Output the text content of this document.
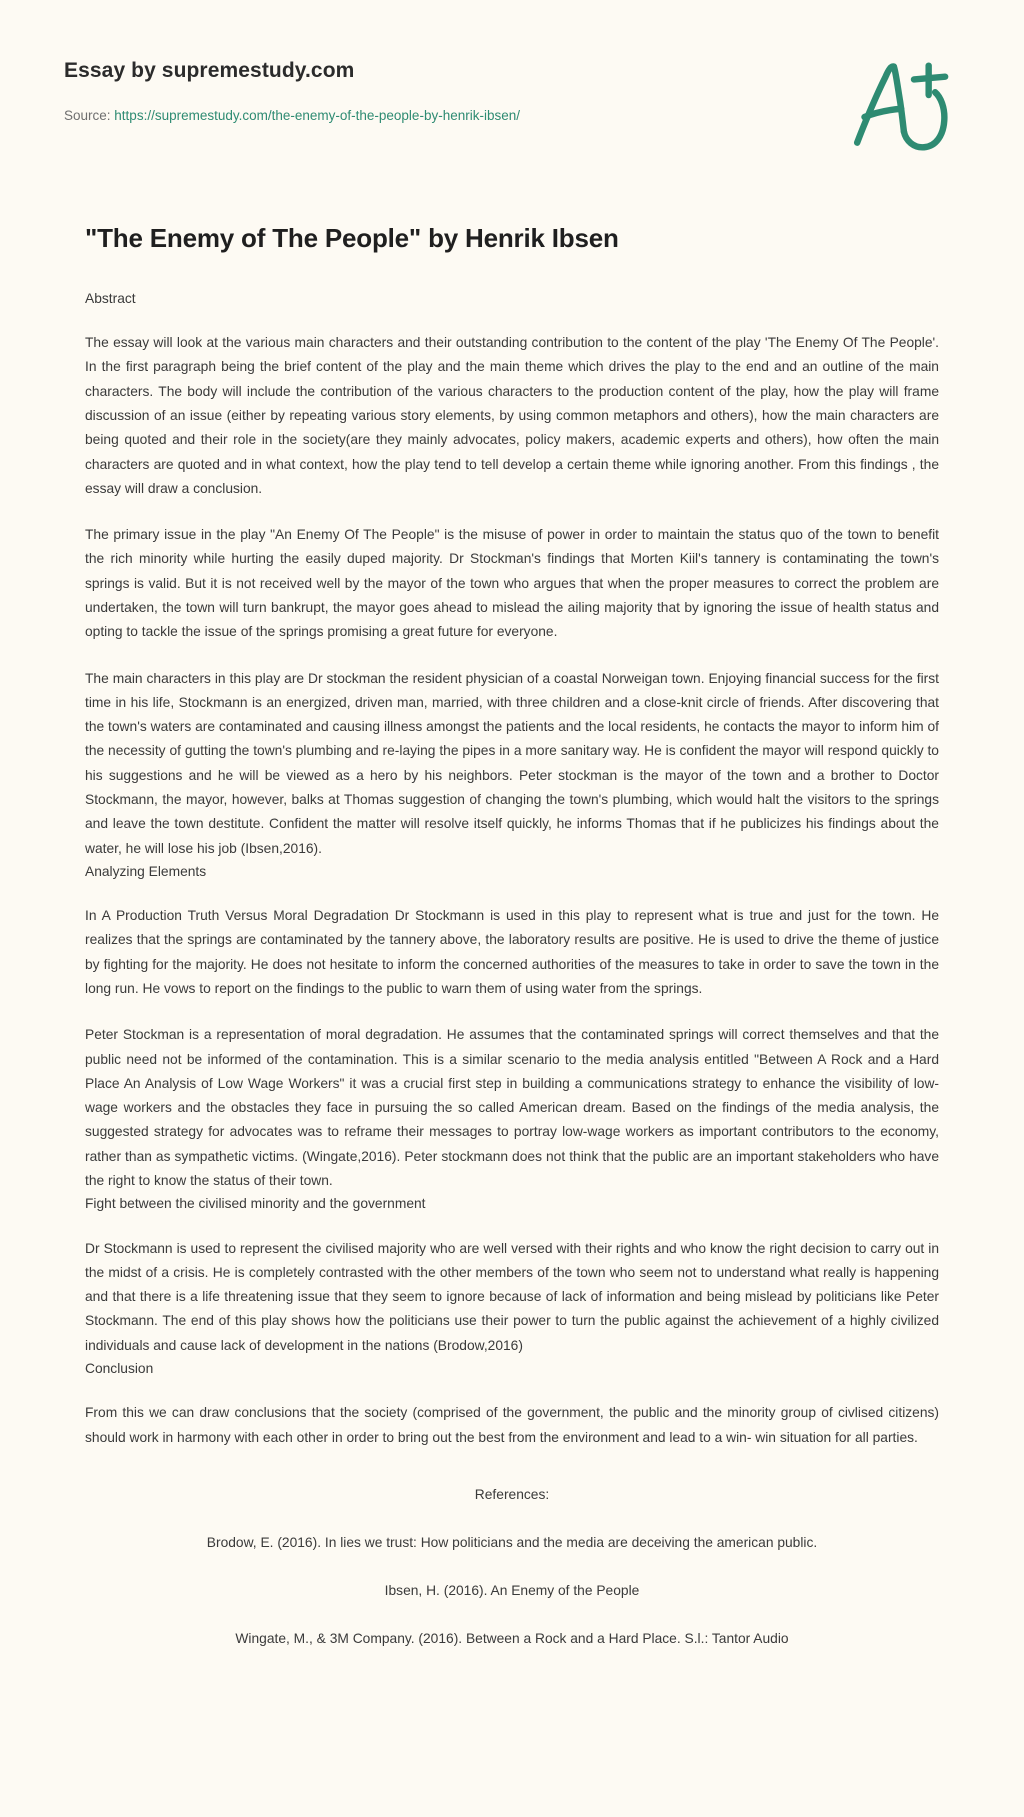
Essay by supremestudy.com
Source: https://supremestudy.com/the-enemy-of-the-people-by-henrik-ibsen/
"The Enemy of The People" by Henrik Ibsen

Abstract

The essay will look at the various main characters and their outstanding contribution to the content of the play 'The Enemy Of The People'. In the first paragraph being the brief content of the play and the main theme which drives the play to the end and an outline of the main characters. The body will include the contribution of the various characters to the production content of the play, how the play will frame discussion of an issue (either by repeating various story elements, by using common metaphors and others), how the main characters are being quoted and their role in the society(are they mainly advocates, policy makers, academic experts and others), how often the main characters are quoted and in what context, how the play tend to tell develop a certain theme while ignoring another. From this findings , the essay will draw a conclusion.

The primary issue in the play "An Enemy Of The People" is the misuse of power in order to maintain the status quo of the town to benefit the rich minority while hurting the easily duped majority. Dr Stockman's findings that Morten Kiil's tannery is contaminating the town's springs is valid. But it is not received well by the mayor of the town who argues that when the proper measures to correct the problem are undertaken, the town will turn bankrupt, the mayor goes ahead to mislead the ailing majority that by ignoring the issue of health status and opting to tackle the issue of the springs promising a great future for everyone.

The main characters in this play are Dr stockman the resident physician of a coastal Norweigan town. Enjoying financial success for the first time in his life, Stockmann is an energized, driven man, married, with three children and a close-knit circle of friends. After discovering that the town's waters are contaminated and causing illness amongst the patients and the local residents, he contacts the mayor to inform him of the necessity of gutting the town's plumbing and re-laying the pipes in a more sanitary way. He is confident the mayor will respond quickly to his suggestions and he will be viewed as a hero by his neighbors. Peter stockman is the mayor of the town and a brother to Doctor Stockmann, the mayor, however, balks at Thomas suggestion of changing the town's plumbing, which would halt the visitors to the springs and leave the town destitute. Confident the matter will resolve itself quickly, he informs Thomas that if he publicizes his findings about the water, he will lose his job (Ibsen,2016).

Analyzing Elements

In A Production Truth Versus Moral Degradation Dr Stockmann is used in this play to represent what is true and just for the town. He realizes that the springs are contaminated by the tannery above, the laboratory results are positive. He is used to drive the theme of justice by fighting for the majority. He does not hesitate to inform the concerned authorities of the measures to take in order to save the town in the long run. He vows to report on the findings to the public to warn them of using water from the springs.

Peter Stockman is a representation of moral degradation. He assumes that the contaminated springs will correct themselves and that the public need not be informed of the contamination. This is a similar scenario to the media analysis entitled "Between A Rock and a Hard Place An Analysis of Low Wage Workers" it was a crucial first step in building a communications strategy to enhance the visibility of low-wage workers and the obstacles they face in pursuing the so called American dream. Based on the findings of the media analysis, the suggested strategy for advocates was to reframe their messages to portray low-wage workers as important contributors to the economy, rather than as sympathetic victims. (Wingate,2016). Peter stockmann does not think that the public are an important stakeholders who have the right to know the status of their town.

Fight between the civilised minority and the government

Dr Stockmann is used to represent the civilised majority who are well versed with their rights and who know the right decision to carry out in the midst of a crisis. He is completely contrasted with the other members of the town who seem not to understand what really is happening and that there is a life threatening issue that they seem to ignore because of lack of information and being mislead by politicians like Peter Stockmann. The end of this play shows how the politicians use their power to turn the public against the achievement of a highly civilized individuals and cause lack of development in the nations (Brodow,2016)

Conclusion

From this we can draw conclusions that the society (comprised of the government, the public and the minority group of civlised citizens) should work in harmony with each other in order to bring out the best from the environment and lead to a win- win situation for all parties.

References:

Brodow, E. (2016). In lies we trust: How politicians and the media are deceiving the american public.

Ibsen, H. (2016). An Enemy of the People

Wingate, M., & 3M Company. (2016). Between a Rock and a Hard Place. S.l.: Tantor Audio
